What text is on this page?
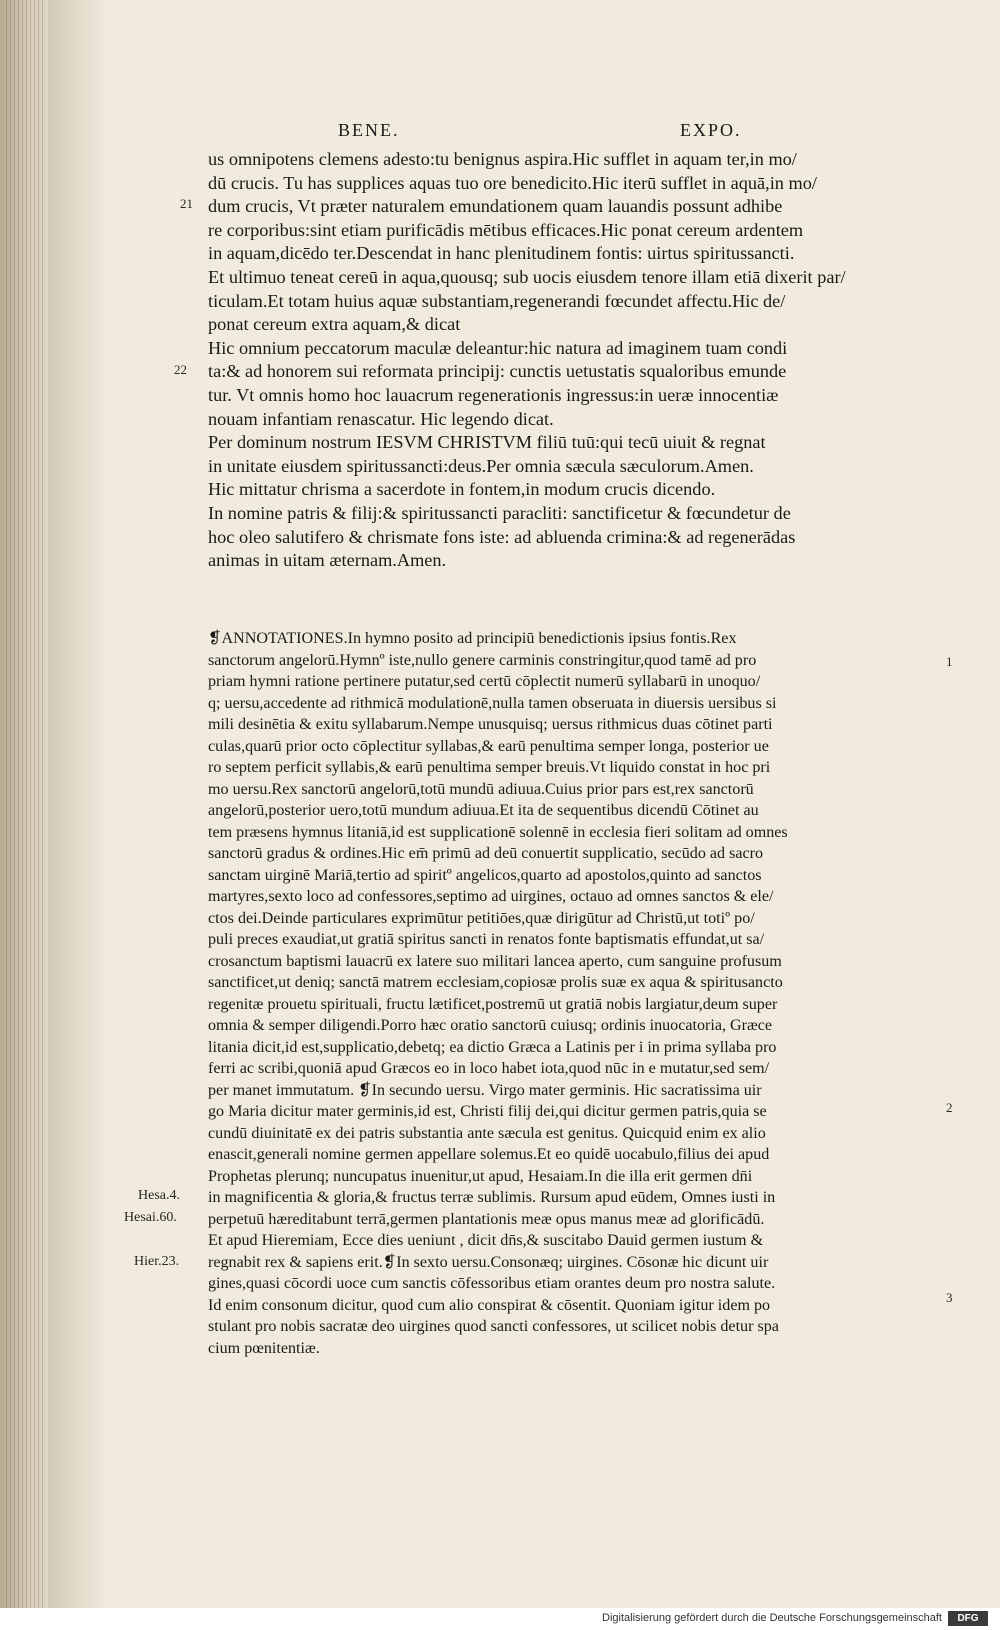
BENE.	EXPO.
us omnipotens clemens adesto:tu benignus aspira.Hic sufflet in aquam ter,in mo/
dū crucis. Tu has supplices aquas tuo ore benedicito.Hic iterū sufflet in aquā,in mo/
dum crucis, Vt præter naturalem emundationem quam lauandis possunt adhibe
re corporibus:sint etiam purificādis mētibus efficaces.Hic ponat cereum ardentem
in aquam,dicēdo ter.Descendat in hanc plenitudinem fontis: uirtus spiritussancti.
Et ultimuo teneat cereū in aqua,quousq; sub uocis eiusdem tenore illam etiā dixerit par/
ticulam.Et totam huius aquæ substantiam,regenerandi fœcundet affectu.Hic de/
ponat cereum extra aquam,& dicat
Hic omnium peccatorum maculæ deleantur:hic natura ad imaginem tuam condi
ta:& ad honorem sui reformata principij: cunctis uetustatis squaloribus emunde
tur. Vt omnis homo hoc lauacrum regenerationis ingressus:in ueræ innocentiæ
nouam infantiam renascatur. Hic legendo dicat.
Per dominum nostrum IESVM CHRISTVM filiū tuū:qui tecū uiuit & regnat
in unitate eiusdem spiritussancti:deus.Per omnia sæcula sæculorum.Amen.
Hic mittatur chrisma a sacerdote in fontem,in modum crucis dicendo.
In nomine patris & filij:& spiritussancti paracliti: sanctificetur & fœcundetur de
hoc oleo salutifero & chrismate fons iste: ad abluenda crimina:& ad regenerādas
animas in uitam æternam.Amen.
❡ANNOTATIONES.In hymno posito ad principiū benedictionis ipsius fontis.Rex
sanctorum angelorū.Hymnº iste,nullo genere carminis constringitur,quod tamē ad pro
priam hymni ratione pertinere putatur,sed certū cōplectit numerū syllabarū in unoquo/
q; uersu,accedente ad rithmicā modulationē,nulla tamen obseruata in diuersis uersibus si
mili desinētia & exitu syllabarum.Nempe unusquisq; uersus rithmicus duas cōtinet parti
culas,quarū prior octo cōplectitur syllabas,& earū penultima semper longa, posterior ue
ro septem perficit syllabis,& earū penultima semper breuis.Vt liquido constat in hoc pri
mo uersu.Rex sanctorū angelorū,totū mundū adiuua.Cuius prior pars est,rex sanctorū
angelorū,posterior uero,totū mundum adiuua.Et ita de sequentibus dicendū Cōtinet au
tem præsens hymnus litaniā,id est supplicationē solennē in ecclesia fieri solitam ad omnes
sanctorū gradus & ordines.Hic em̄ primū ad deū conuertit supplicatio, secūdo ad sacro
sanctam uirginē Mariā,tertio ad spiritº angelicos,quarto ad apostolos,quinto ad sanctos
martyres,sexto loco ad confessores,septimo ad uirgines, octauo ad omnes sanctos & ele/
ctos dei.Deinde particulares exprimūtur petitiōes,quæ dirigūtur ad Christū,ut totiº po/
puli preces exaudiat,ut gratiā spiritus sancti in renatos fonte baptismatis effundat,ut sa/
crosanctum baptismi lauacrū ex latere suo militari lancea aperto, cum sanguine profusum
sanctificet,ut deniq; sanctā matrem ecclesiam,copiosæ prolis suæ ex aqua & spiritusancto
regenitæ prouetu spirituali, fructu lætificet,postremū ut gratiā nobis largiatur,deum super
omnia & semper diligendi.Porro hæc oratio sanctorū cuiusq; ordinis inuocatoria, Græce
litania dicit,id est,supplicatio,debetq; ea dictio Græca a Latinis per i in prima syllaba pro
ferri ac scribi,quoniā apud Græcos eo in loco habet iota,quod nūc in e mutatur,sed sem/
per manet immutatum. ❡In secundo uersu. Virgo mater germinis. Hic sacratissima uir
go Maria dicitur mater germinis,id est, Christi filij dei,qui dicitur germen patris,quia se
cundū diuinitatē ex dei patris substantia ante sæcula est genitus. Quicquid enim ex alio
enascit,generali nomine germen appellare solemus.Et eo quidē uocabulo,filius dei apud
Prophetas plerunq; nuncupatus inuenitur,ut apud, Hesaiam.In die illa erit germen dn̄i
in magnificentia & gloria,& fructus terræ sublimis. Rursum apud eūdem, Omnes iusti in
perpetuū hæreditabunt terrā,germen plantationis meæ opus manus meæ ad glorificādū.
Et apud Hieremiam, Ecce dies ueniunt , dicit dn̄s,& suscitabo Dauid germen iustum &
regnabit rex & sapiens erit.❡In sexto uersu.Consonæq; uirgines. Cōsonæ hic dicunt uir
gines,quasi cōcordi uoce cum sanctis cōfessoribus etiam orantes deum pro nostra salute.
Id enim consonum dicitur, quod cum alio conspirat & cōsentit. Quoniam igitur idem po
stulant pro nobis sacratæ deo uirgines quod sancti confessores, ut scilicet nobis detur spa
cium pœnitentiæ.
21
22
1
2
3
Hesa.4.
Hesai.60.
Hier.23.
Digitalisierung gefördert durch die Deutsche Forschungsgemeinschaft	DFG
